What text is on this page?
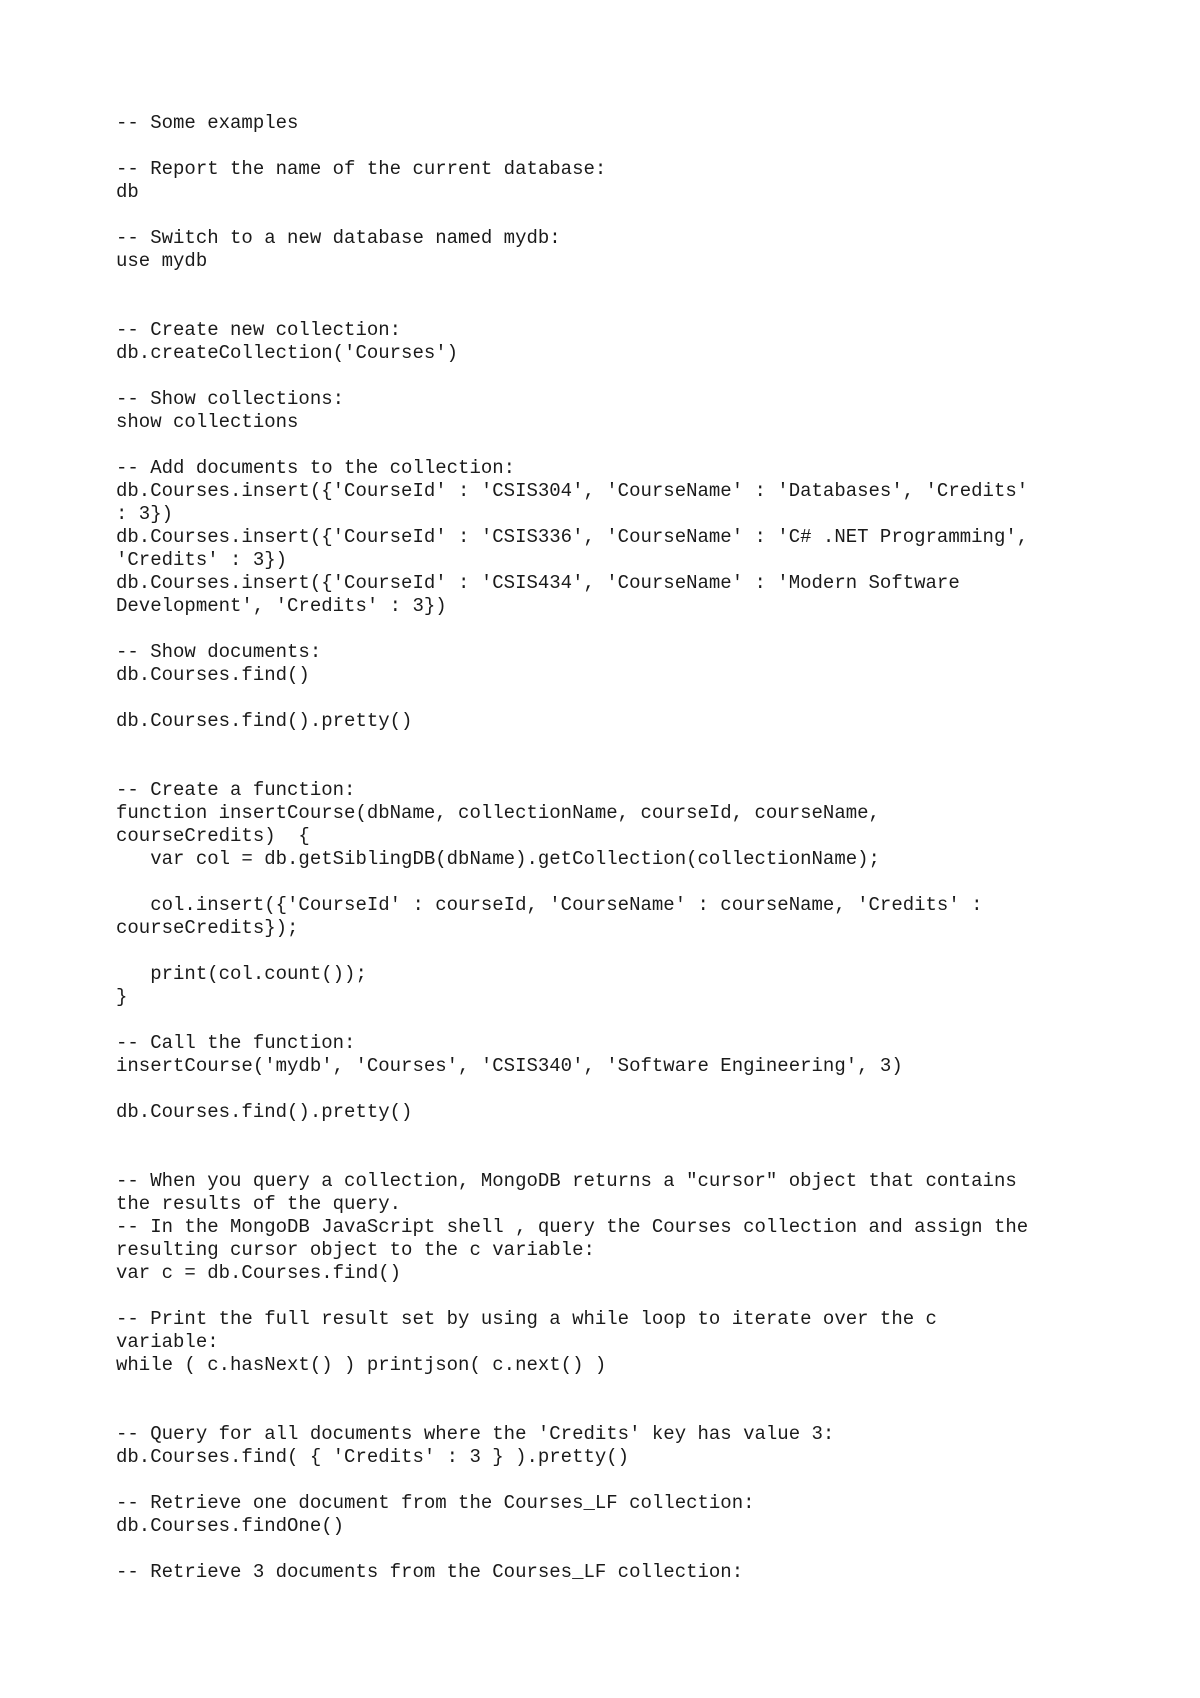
-- Some examples
-- Report the name of the current database:
db
-- Switch to a new database named mydb:
use mydb
-- Create new collection:
db.createCollection('Courses')
-- Show collections:
show collections
-- Add documents to the collection:
db.Courses.insert({'CourseId' : 'CSIS304', 'CourseName' : 'Databases', 'Credits'
: 3})
db.Courses.insert({'CourseId' : 'CSIS336', 'CourseName' : 'C# .NET Programming',
'Credits' : 3})
db.Courses.insert({'CourseId' : 'CSIS434', 'CourseName' : 'Modern Software
Development', 'Credits' : 3})
-- Show documents:
db.Courses.find()
db.Courses.find().pretty()
-- Create a function:
function insertCourse(dbName, collectionName, courseId, courseName,
courseCredits)  {
var col = db.getSiblingDB(dbName).getCollection(collectionName);
col.insert({'CourseId' : courseId, 'CourseName' : courseName, 'Credits' :
courseCredits});
print(col.count());
}
-- Call the function:
insertCourse('mydb', 'Courses', 'CSIS340', 'Software Engineering', 3)
db.Courses.find().pretty()
-- When you query a collection, MongoDB returns a "cursor" object that contains
the results of the query.
-- In the MongoDB JavaScript shell , query the Courses collection and assign the
resulting cursor object to the c variable:
var c = db.Courses.find()
-- Print the full result set by using a while loop to iterate over the c
variable:
while ( c.hasNext() ) printjson( c.next() )
-- Query for all documents where the 'Credits' key has value 3:
db.Courses.find( { 'Credits' : 3 } ).pretty()
-- Retrieve one document from the Courses_LF collection:
db.Courses.findOne()
-- Retrieve 3 documents from the Courses_LF collection:
